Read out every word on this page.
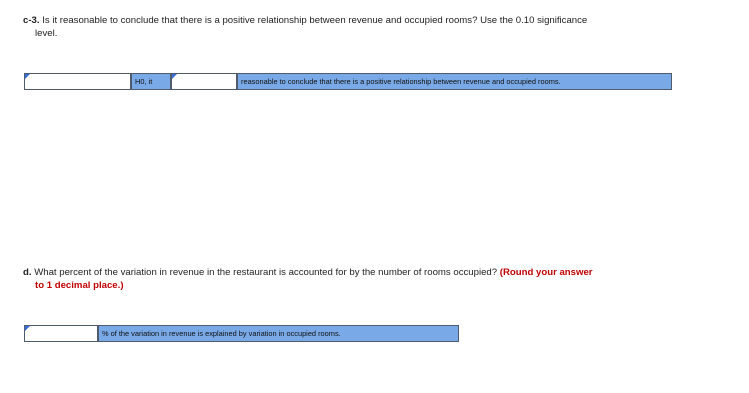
c-3. Is it reasonable to conclude that there is a positive relationship between revenue and occupied rooms? Use the 0.10 significance
level.
H0, it	reasonable to conclude that there is a positive relationship between revenue and occupied rooms.
d. What percent of the variation in revenue in the restaurant is accounted for by the number of rooms occupied? (Round your answer
to 1 decimal place.)
% of the variation in revenue is explained by variation in occupied rooms.
